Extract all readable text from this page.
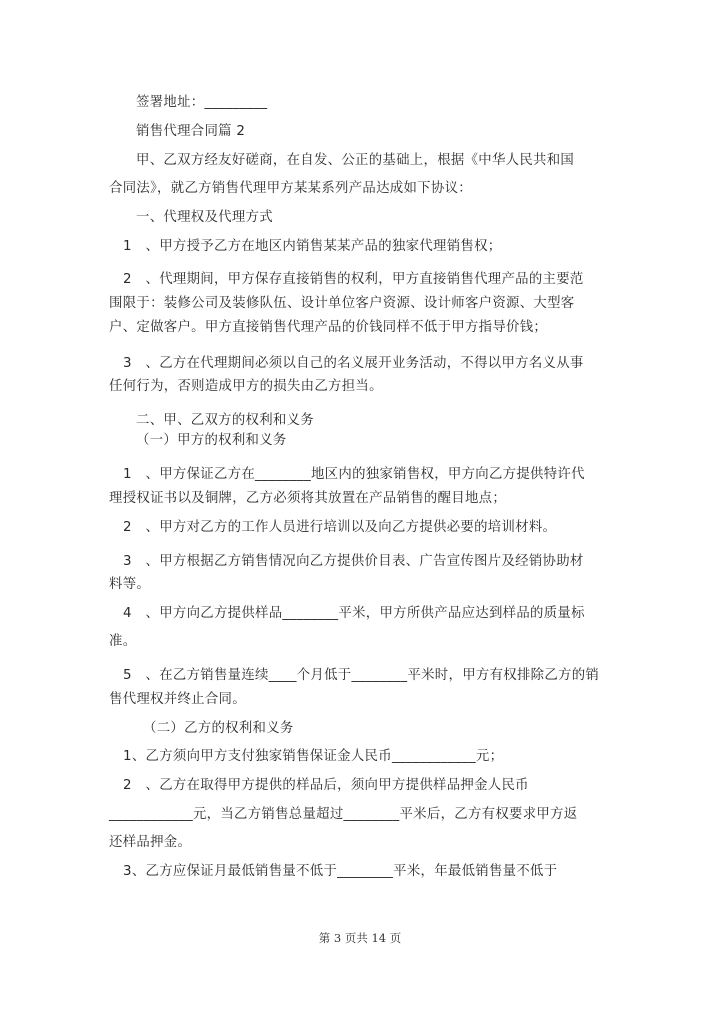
签署地址：_________
销售代理合同篇 2
甲、乙双方经友好磋商，在自发、公正的基础上，根据《中华人民共和国
合同法》，就乙方销售代理甲方某某系列产品达成如下协议：
一、代理权及代理方式
1　、甲方授予乙方在地区内销售某某产品的独家代理销售权；
2　、代理期间，甲方保存直接销售的权利，甲方直接销售代理产品的主要范
围限于：装修公司及装修队伍、设计单位客户资源、设计师客户资源、大型客
户、定做客户。甲方直接销售代理产品的价钱同样不低于甲方指导价钱；
3　、乙方在代理期间必须以自己的名义展开业务活动，不得以甲方名义从事
任何行为，否则造成甲方的损失由乙方担当。
二、甲、乙双方的权利和义务
（一）甲方的权利和义务
1　、甲方保证乙方在________地区内的独家销售权，甲方向乙方提供特许代
理授权证书以及铜牌，乙方必须将其放置在产品销售的醒目地点；
2　、甲方对乙方的工作人员进行培训以及向乙方提供必要的培训材料。
3　、甲方根据乙方销售情况向乙方提供价目表、广告宣传图片及经销协助材
料等。
4　、甲方向乙方提供样品________平米，甲方所供产品应达到样品的质量标
准。
5　、在乙方销售量连续____个月低于________平米时，甲方有权排除乙方的销
售代理权并终止合同。
（二）乙方的权利和义务
1、乙方须向甲方支付独家销售保证金人民币____________元；
2　、乙方在取得甲方提供的样品后，须向甲方提供样品押金人民币
____________元，当乙方销售总量超过________平米后，乙方有权要求甲方返
还样品押金。
3、乙方应保证月最低销售量不低于________平米，年最低销售量不低于
第 3 页共 14 页
